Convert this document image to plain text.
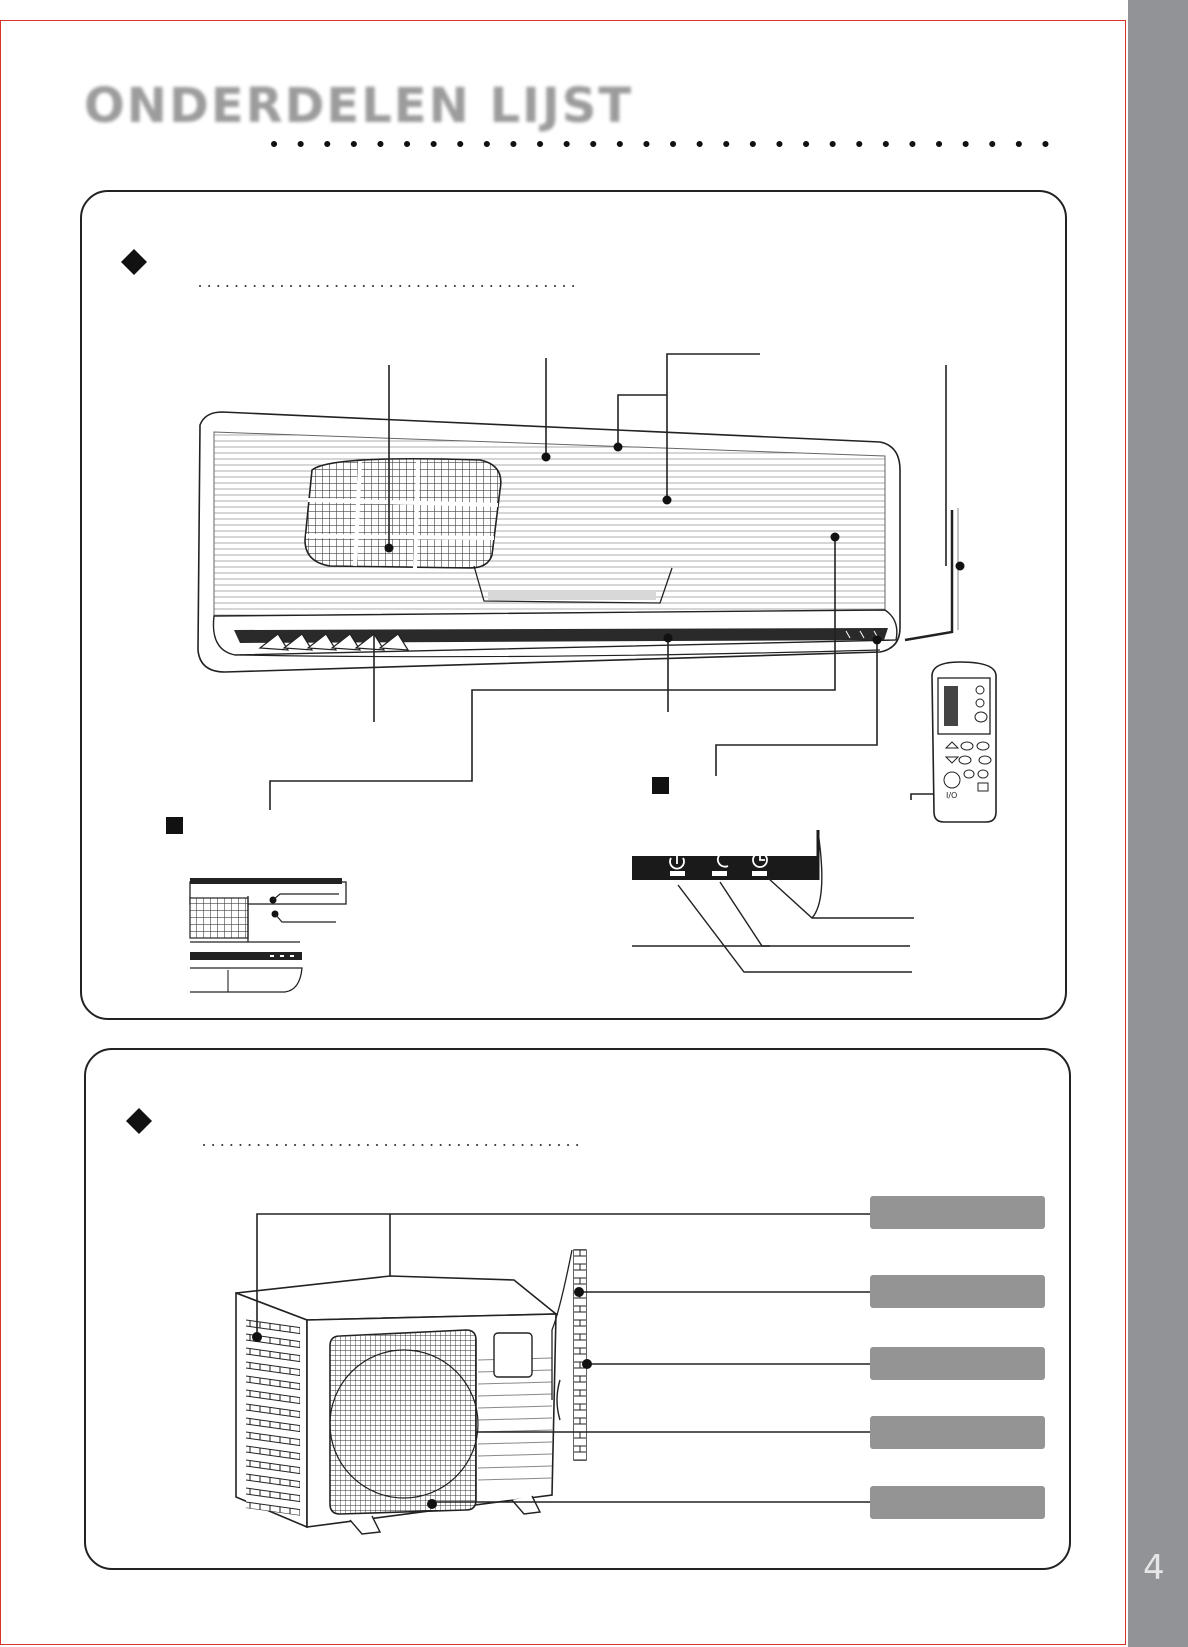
4
ONDERDELEN LIJST
I/O
